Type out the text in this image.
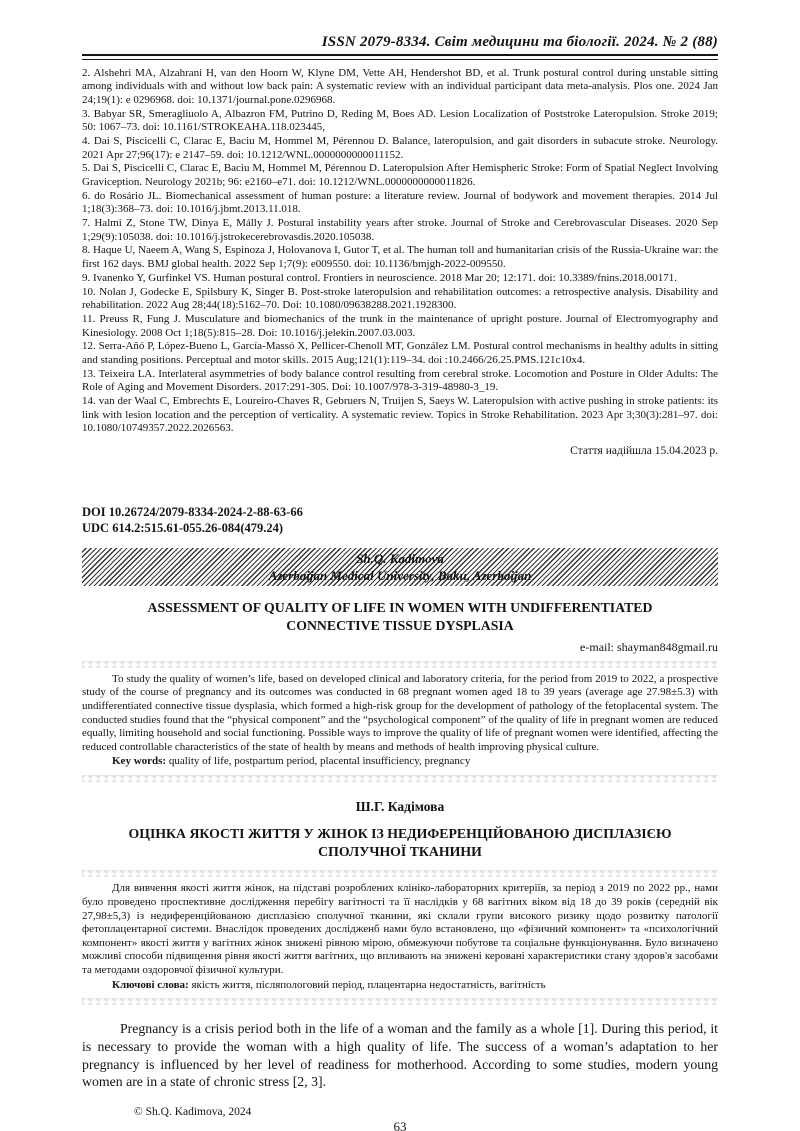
ISSN 2079-8334. Світ медицини та біології. 2024. № 2 (88)

2. Alshehri MA, Alzahrani H, van den Hoorn W, Klyne DM, Vette AH, Hendershot BD, et al. Trunk postural control during unstable sitting among individuals with and without low back pain: A systematic review with an individual participant data meta-analysis. Plos one. 2024 Jan 24;19(1): e 0296968. doi: 10.1371/journal.pone.0296968.

3. Babyar SR, Smeragliuolo A, Albazron FM, Putrino D, Reding M, Boes AD. Lesion Localization of Poststroke Lateropulsion. Stroke 2019; 50: 1067–73. doi: 10.1161/STROKEAHA.118.023445,

4. Dai S, Piscicelli C, Clarac E, Baciu M, Hommel M, Pérennou D. Balance, lateropulsion, and gait disorders in subacute stroke. Neurology. 2021 Apr 27;96(17): e 2147–59. doi: 10.1212/WNL.0000000000011152.

5. Dai S, Piscicelli C, Clarac E, Baciu M, Hommel M, Pérennou D. Lateropulsion After Hemispheric Stroke: Form of Spatial Neglect Involving Graviception. Neurology 2021b; 96: e2160–e71. doi: 10.1212/WNL.0000000000011826.

6. do Rosário JL. Biomechanical assessment of human posture: a literature review. Journal of bodywork and movement therapies. 2014 Jul 1;18(3):368–73. doi: 10.1016/j.jbmt.2013.11.018.

7. Halmi Z, Stone TW, Dinya E, Málly J. Postural instability years after stroke. Journal of Stroke and Cerebrovascular Diseases. 2020 Sep 1;29(9):105038. doi: 10.1016/j.jstrokecerebrovasdis.2020.105038.

8. Haque U, Naeem A, Wang S, Espinoza J, Holovanova I, Gutor T, et al. The human toll and humanitarian crisis of the Russia-Ukraine war: the first 162 days. BMJ global health. 2022 Sep 1;7(9): e009550. doi: 10.1136/bmjgh-2022-009550.

9. Ivanenko Y, Gurfinkel VS. Human postural control. Frontiers in neuroscience. 2018 Mar 20; 12:171. doi: 10.3389/fnins.2018.00171.

10. Nolan J, Godecke E, Spilsbury K, Singer B. Post-stroke lateropulsion and rehabilitation outcomes: a retrospective analysis. Disability and rehabilitation. 2022 Aug 28;44(18):5162–70. Doi: 10.1080/09638288.2021.1928300.

11. Preuss R, Fung J. Musculature and biomechanics of the trunk in the maintenance of upright posture. Journal of Electromyography and Kinesiology. 2008 Oct 1;18(5):815–28. Doi: 10.1016/j.jelekin.2007.03.003.

12. Serra-Añó P, López-Bueno L, García-Massó X, Pellicer-Chenoll MT, González LM. Postural control mechanisms in healthy adults in sitting and standing positions. Perceptual and motor skills. 2015 Aug;121(1):119–34. doi :10.2466/26.25.PMS.121c10x4.

13. Teixeira LA. Interlateral asymmetries of body balance control resulting from cerebral stroke. Locomotion and Posture in Older Adults: The Role of Aging and Movement Disorders. 2017:291-305. Doi: 10.1007/978-3-319-48980-3_19.

14. van der Waal C, Embrechts E, Loureiro-Chaves R, Gebruers N, Truijen S, Saeys W. Lateropulsion with active pushing in stroke patients: its link with lesion location and the perception of verticality. A systematic review. Topics in Stroke Rehabilitation. 2023 Apr 3;30(3):281–97. doi: 10.1080/10749357.2022.2026563.

Стаття надійшла 15.04.2023 р.
DOI 10.26724/2079-8334-2024-2-88-63-66
UDC 614.2:515.61-055.26-084(479.24)
Sh.Q. Kadimova
Azerbaijan Medical University, Baku, Azerbaijan
ASSESSMENT OF QUALITY OF LIFE IN WOMEN WITH UNDIFFERENTIATED CONNECTIVE TISSUE DYSPLASIA
e-mail: shayman848gmail.ru

To study the quality of women’s life, based on developed clinical and laboratory criteria, for the period from 2019 to 2022, a prospective study of the course of pregnancy and its outcomes was conducted in 68 pregnant women aged 18 to 39 years (average age 27.98±5.3) with undifferentiated connective tissue dysplasia, which formed a high-risk group for the development of pathology of the fetoplacental system. The conducted studies found that the “physical component” and the “psychological component” of the quality of life in pregnant women are reduced equally, limiting household and social functioning. Possible ways to improve the quality of life of pregnant women were identified, affecting the reduced controllable characteristics of the state of health by means and methods of health improving physical culture.

Key words: quality of life, postpartum period, placental insufficiency, pregnancy

Ш.Г. Кадімова
ОЦІНКА ЯКОСТІ ЖИТТЯ У ЖІНОК ІЗ НЕДИФЕРЕНЦІЙОВАНОЮ ДИСПЛАЗІЄЮ СПОЛУЧНОЇ ТКАНИНИ

Для вивчення якості життя жінок, на підставі розроблених клініко-лабораторних критеріїв, за період з 2019 по 2022 рр., нами було проведено проспективне дослідження перебігу вагітності та її наслідків у 68 вагітних віком від 18 до 39 років (середній вік 27,98±5,3) із недиференційованою дисплазією сполучної тканини, які склали групи високого ризику щодо розвитку патології фетоплацентарної системи. Внаслідок проведених дослідженб нами було встановлено, що «фізичний компонент» та «психологічний компонент» якості життя у вагітних жінок знижені рівною мірою, обмежуючи побутове та соціальне функціонування. Було визначено можливі способи підвищення рівня якості життя вагітних, що впливають на знижені керовані характеристики стану здоров'я засобами та методами оздоровчої фізичної культури.

Ключові слова: якість життя, післяпологовий період, плацентарна недостатність, вагітність

Pregnancy is a crisis period both in the life of a woman and the family as a whole [1]. During this period, it is necessary to provide the woman with a high quality of life. The success of a woman’s adaptation to her pregnancy is influenced by her level of readiness for motherhood. According to some studies, modern young women are in a state of chronic stress [2, 3].

© Sh.Q. Kadimova, 2024
63
